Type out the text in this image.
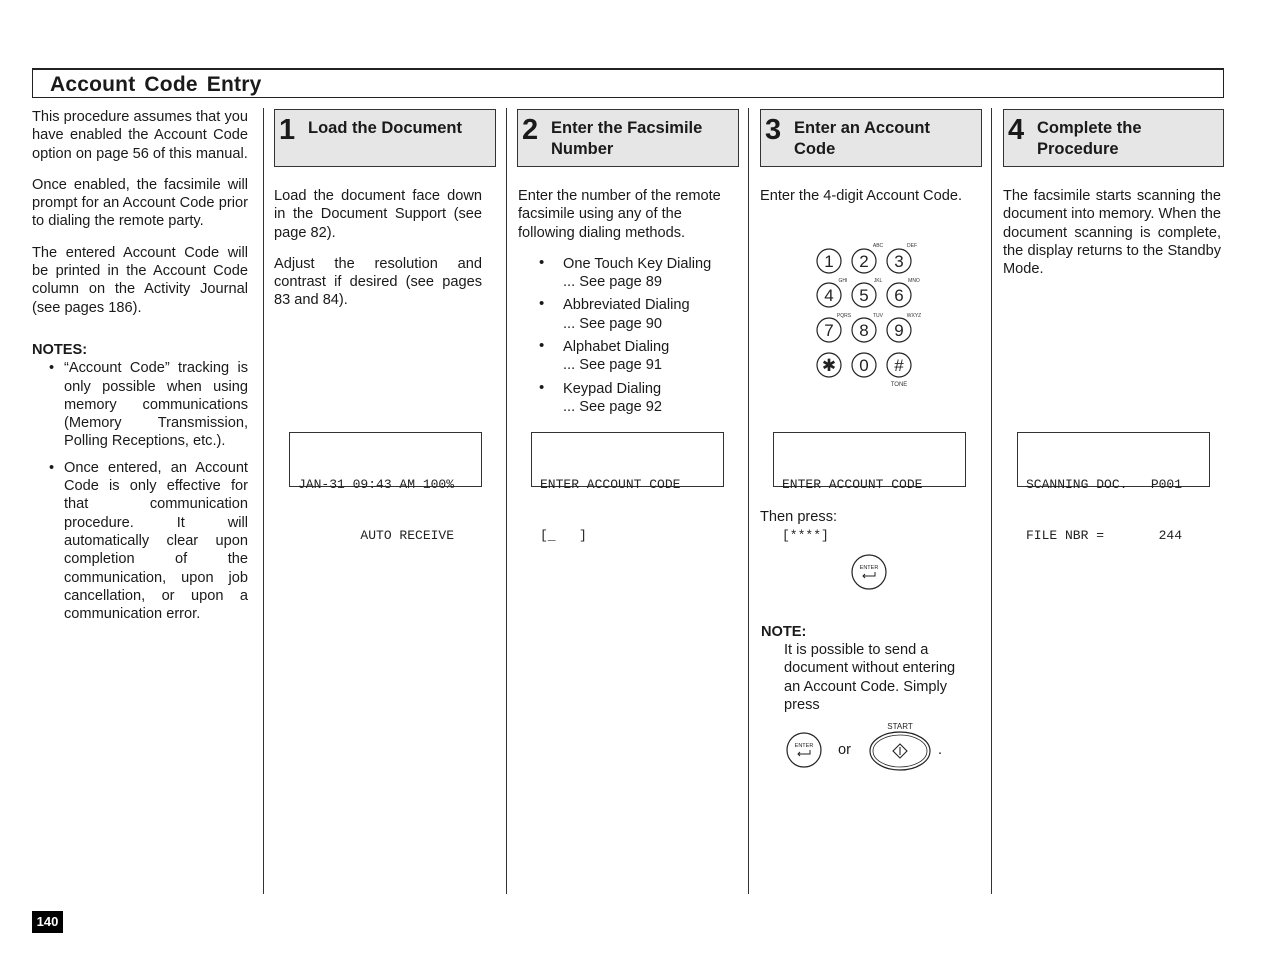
Account Code Entry

This procedure assumes that you have enabled the Account Code option on page 56 of this manual.

Once enabled, the facsimile will prompt for an Account Code prior to dialing the remote party.

The entered Account Code will be printed in the Account Code column on the Activity Journal (see pages 186).

NOTES:

• “Account Code” tracking is only possible when using memory communications (Memory Transmission, Polling Receptions, etc.).
• Once entered, an Account Code is only effective for that communication procedure. It will automatically clear upon completion of the communication, upon job cancellation, or upon a communication error.
1 Load the Document 2 Enter the Facsimile Number
3 Enter an Account Code
4 Complete the Procedure

Load the document face down in the Document Support (see page 82).

Adjust the resolution and contrast if desired (see pages 83 and 84).

JAN-31 09:43 AM 100%

AUTO RECEIVE

Enter the number of the remote facsimile using any of the following dialing methods.

• One Touch Key Dialing
... See page 89
• Abbreviated Dialing
... See page 90
• Alphabet Dialing
... See page 91
• Keypad Dialing
... See page 92

ENTER ACCOUNT CODE

[_   ]

Enter the 4-digit Account Code.
1 2 3
4 5 6
7 8 9
✱ 0 #
ABC	DEF
GHI	JKL	MNO
PQRS	TUV	WXYZ
TONE

ENTER ACCOUNT CODE

[****]

Then press:
ENTER
NOTE:
It is possible to send a document without entering an Account Code. Simply press
ENTER or
START
.
The facsimile starts scanning the document into memory. When the document scanning is complete, the display returns to the Standby Mode.

SCANNING DOC.   P001

FILE NBR =       244

140
